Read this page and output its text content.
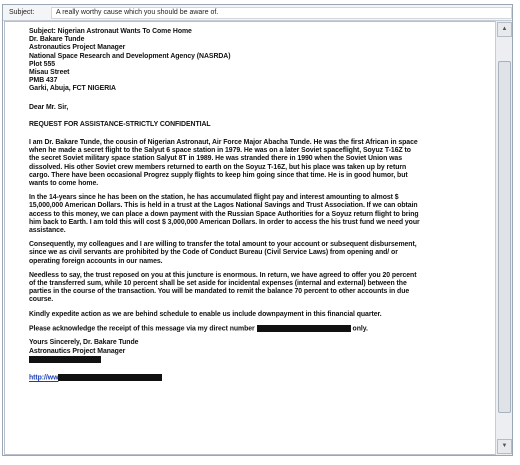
Subject:	A really worthy cause which you should be aware of.
Subject: Nigerian Astronaut Wants To Come Home
Dr. Bakare Tunde
Astronautics Project Manager
National Space Research and Development Agency (NASRDA)
Plot 555
Misau Street
PMB 437
Garki, Abuja, FCT NIGERIA
Dear Mr. Sir,
REQUEST FOR ASSISTANCE-STRICTLY CONFIDENTIAL
I am Dr. Bakare Tunde, the cousin of Nigerian Astronaut, Air Force Major Abacha Tunde. He was the first African in space
when he made a secret flight to the Salyut 6 space station in 1979. He was on a later Soviet spaceflight, Soyuz T-16Z to
the secret Soviet military space station Salyut 8T in 1989. He was stranded there in 1990 when the Soviet Union was
dissolved. His other Soviet crew members returned to earth on the Soyuz T-16Z, but his place was taken up by return
cargo. There have been occasional Progrez supply flights to keep him going since that time. He is in good humor, but
wants to come home.
In the 14-years since he has been on the station, he has accumulated flight pay and interest amounting to almost $
15,000,000 American Dollars. This is held in a trust at the Lagos National Savings and Trust Association. If we can obtain
access to this money, we can place a down payment with the Russian Space Authorities for a Soyuz return flight to bring
him back to Earth. I am told this will cost $ 3,000,000 American Dollars. In order to access the his trust fund we need your
assistance.
Consequently, my colleagues and I are willing to transfer the total amount to your account or subsequent disbursement,
since we as civil servants are prohibited by the Code of Conduct Bureau (Civil Service Laws) from opening and/ or
operating foreign accounts in our names.
Needless to say, the trust reposed on you at this juncture is enormous. In return, we have agreed to offer you 20 percent
of the transferred sum, while 10 percent shall be set aside for incidental expenses (internal and external) between the
parties in the course of the transaction. You will be mandated to remit the balance 70 percent to other accounts in due
course.
Kindly expedite action as we are behind schedule to enable us include downpayment in this financial quarter.
Please acknowledge the receipt of this message via my direct number	only.
Yours Sincerely, Dr. Bakare Tunde
Astronautics Project Manager
http://ww
▲
▼
